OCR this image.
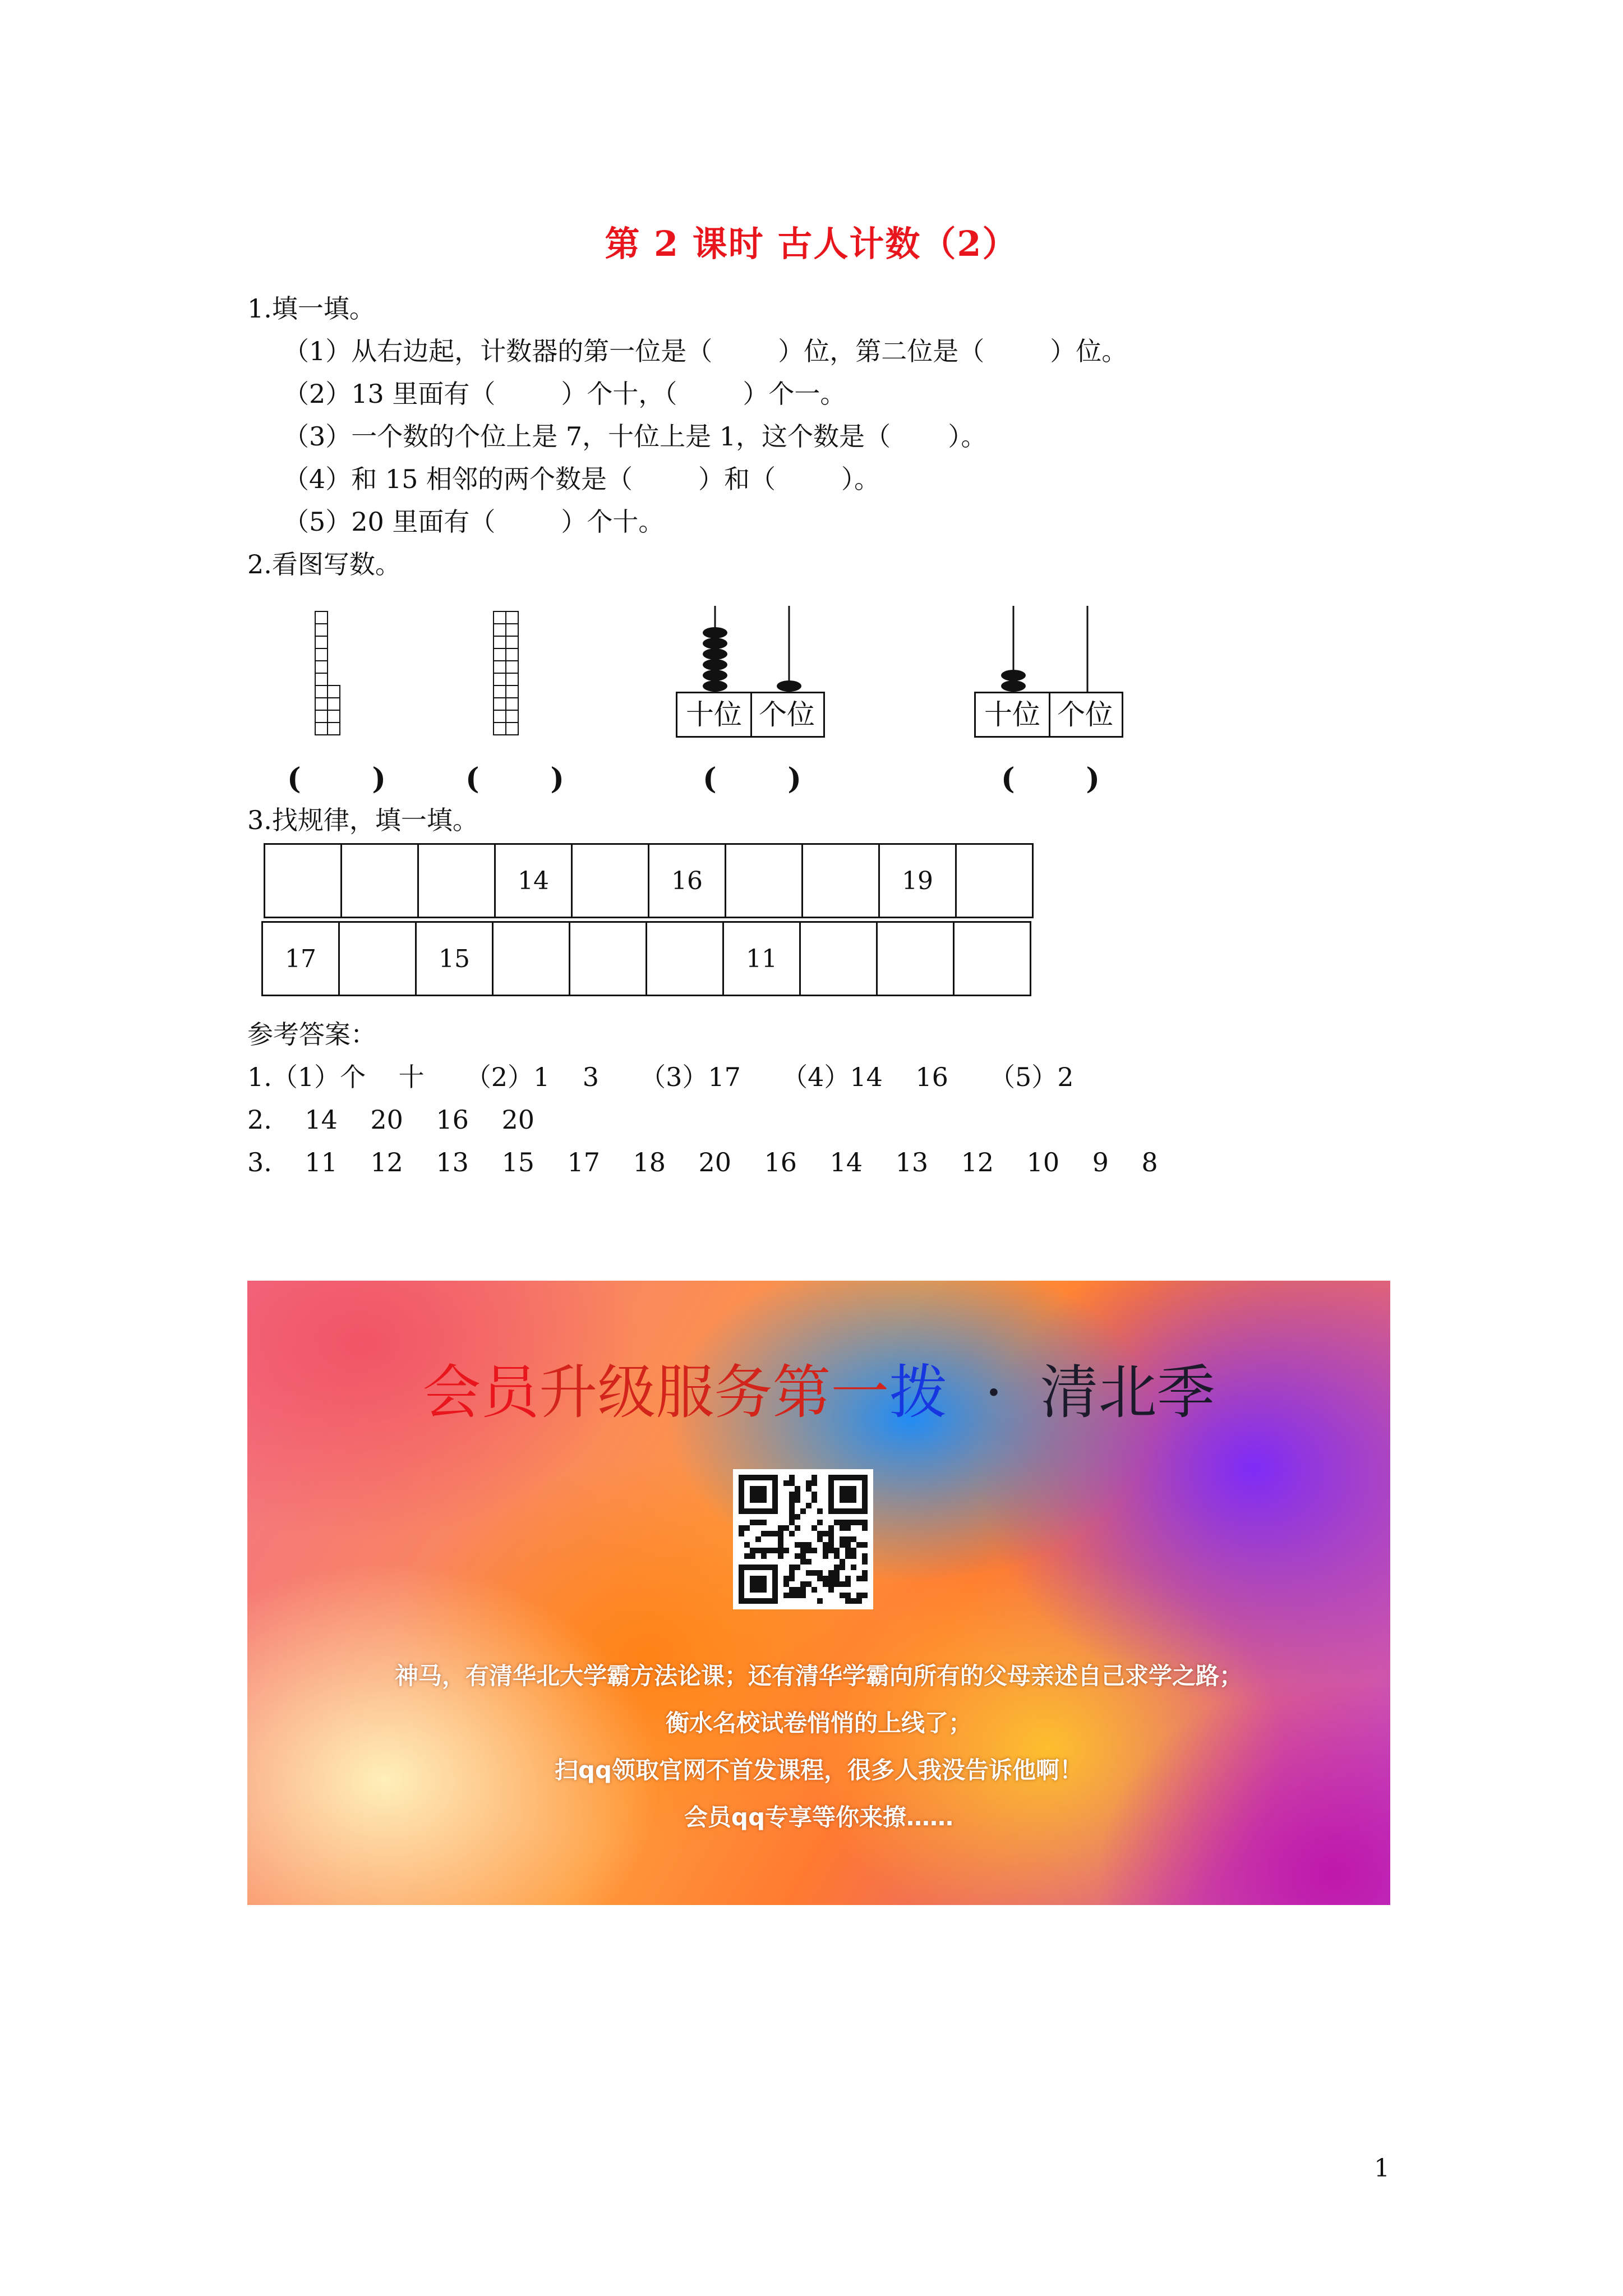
第 2 课时 古人计数（2）
1.填一填。
（1）从右边起，计数器的第一位是（        ）位，第二位是（        ）位。
（2）13 里面有（        ）个十，（        ）个一。
（3）一个数的个位上是 7，十位上是 1，这个数是（       ）。
（4）和 15 相邻的两个数是（        ）和（        ）。
（5）20 里面有（        ）个十。
2.看图写数。
十位 个位	十位 个位
(       )	(       )	(       )	(       )
3.找规律，填一填。
			14		16			19	
17		15				11			
参考答案：
1.（1）个    十     （2）1    3     （3）17     （4）14    16     （5）2
2.    14    20    16    20
3.    11    12    13    15    17    18    20    16    14    13    12    10    9    8
会员升级服务第一拨  ·  清北季
神马，有清华北大学霸方法论课；还有清华学霸向所有的父母亲述自己求学之路；
衡水名校试卷悄悄的上线了；
扫qq领取官网不首发课程，很多人我没告诉他啊！
会员qq专享等你来撩……
1
